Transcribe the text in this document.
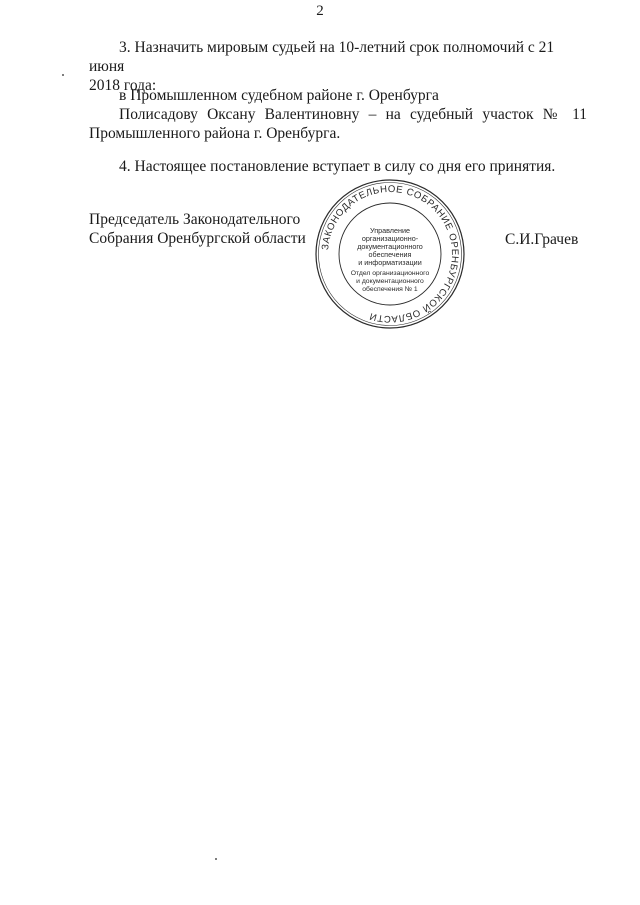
2
3. Назначить мировым судьей на 10-летний срок полномочий с 21 июня
2018 года:
в Промышленном судебном районе г. Оренбурга
Полисадову Оксану Валентиновну – на судебный участок № 11 Промышленного района г. Оренбурга.
4. Настоящее постановление вступает в силу со дня его принятия.
Председатель Законодательного
Собрания Оренбургской области	С.И.Грачев
ЗАКОНОДАТЕЛЬНОЕ СОБРАНИЕ ОРЕНБУРГСКОЙ ОБЛАСТИ
Управление
организационно-
документационного
обеспечения
и информатизации
Отдел организационного
и документационного
обеспечения № 1
